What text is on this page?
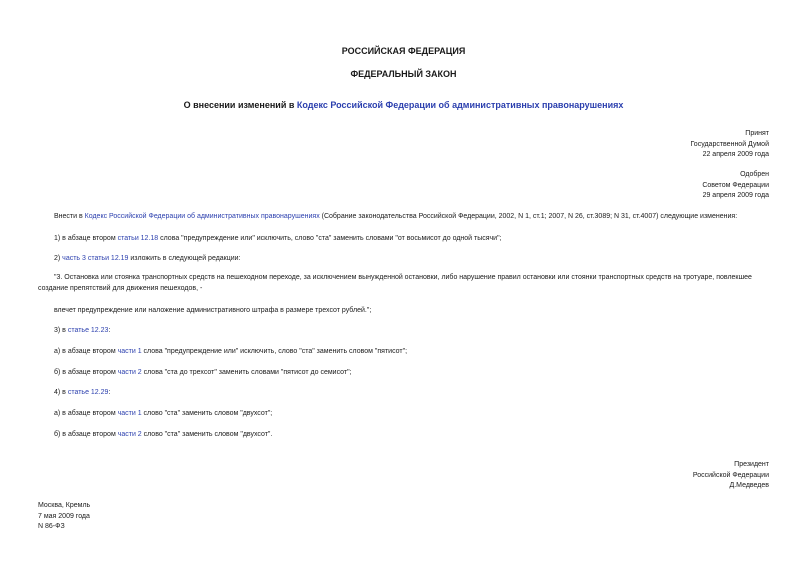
РОССИЙСКАЯ ФЕДЕРАЦИЯ
ФЕДЕРАЛЬНЫЙ ЗАКОН
О внесении изменений в Кодекс Российской Федерации об административных правонарушениях
Принят
Государственной Думой
22 апреля 2009 года
Одобрен
Советом Федерации
29 апреля 2009 года
Внести в Кодекс Российской Федерации об административных правонарушениях (Собрание законодательства Российской Федерации, 2002, N 1, ст.1; 2007, N 26, ст.3089; N 31, ст.4007) следующие изменения:
1) в абзаце втором статьи 12.18 слова "предупреждение или" исключить, слово "ста" заменить словами "от восьмисот до одной тысячи";
2) часть 3 статьи 12.19 изложить в следующей редакции:
"3. Остановка или стоянка транспортных средств на пешеходном переходе, за исключением вынужденной остановки, либо нарушение правил остановки или стоянки транспортных средств на тротуаре, повлекшее создание препятствий для движения пешеходов, -
влечет предупреждение или наложение административного штрафа в размере трехсот рублей.";
3) в статье 12.23:
а) в абзаце втором части 1 слова "предупреждение или" исключить, слово "ста" заменить словом "пятисот";
б) в абзаце втором части 2 слова "ста до трехсот" заменить словами "пятисот до семисот";
4) в статье 12.29:
а) в абзаце втором части 1 слово "ста" заменить словом "двухсот";
б) в абзаце втором части 2 слово "ста" заменить словом "двухсот".
Президент
Российской Федерации
Д.Медведев
Москва, Кремль
7 мая 2009 года
N 86-ФЗ
